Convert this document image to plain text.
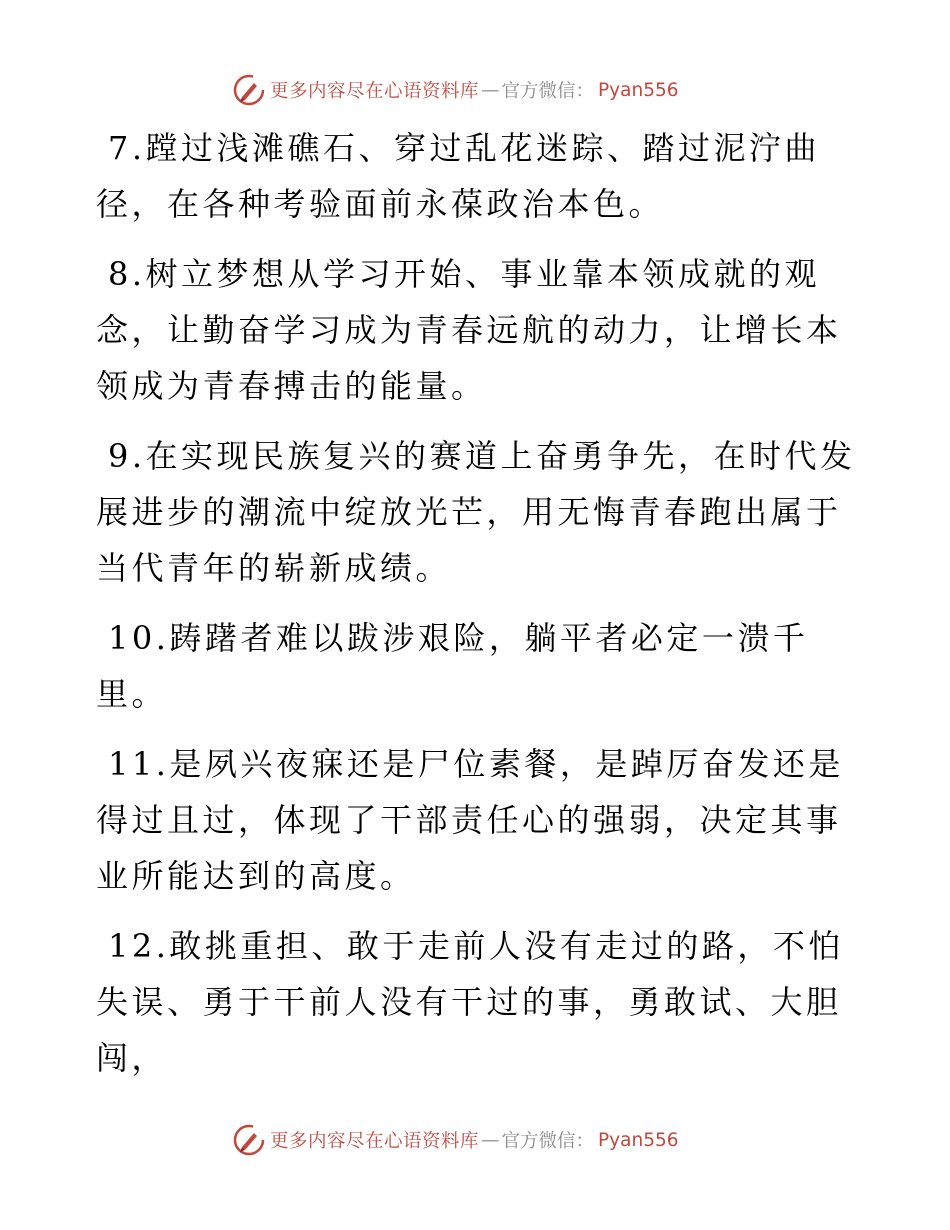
更多内容尽在心语资料库 — 官方微信： Pyan556

7.蹚过浅滩礁石、穿过乱花迷踪、踏过泥泞曲径，在各种考验面前永葆政治本色。

8.树立梦想从学习开始、事业靠本领成就的观念，让勤奋学习成为青春远航的动力，让增长本领成为青春搏击的能量。

9.在实现民族复兴的赛道上奋勇争先，在时代发展进步的潮流中绽放光芒，用无悔青春跑出属于当代青年的崭新成绩。

10.踌躇者难以跋涉艰险，躺平者必定一溃千里。

11.是夙兴夜寐还是尸位素餐，是踔厉奋发还是得过且过，体现了干部责任心的强弱，决定其事业所能达到的高度。

12.敢挑重担、敢于走前人没有走过的路，不怕失误、勇于干前人没有干过的事，勇敢试、大胆闯，

更多内容尽在心语资料库 — 官方微信： Pyan556
